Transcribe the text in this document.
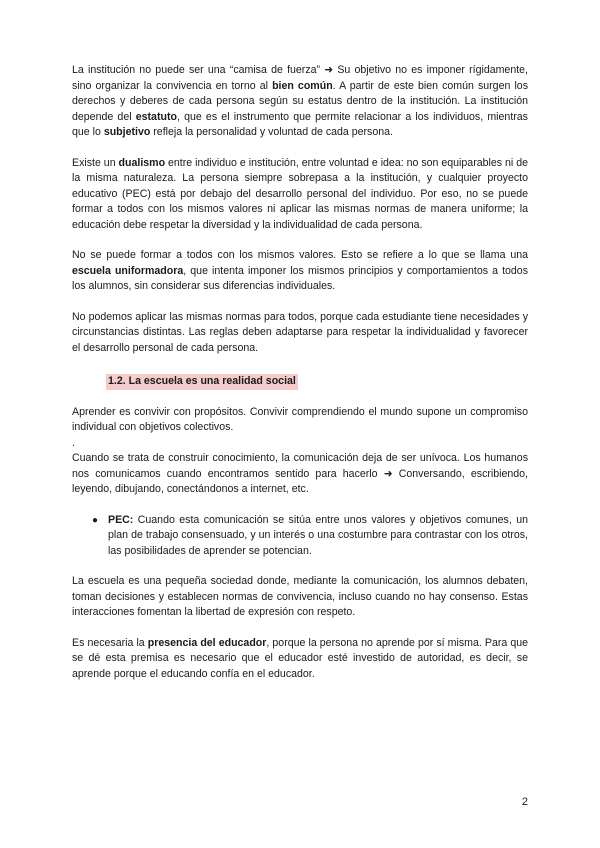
La institución no puede ser una “camisa de fuerza” ➜ Su objetivo no es imponer rígidamente, sino organizar la convivencia en torno al bien común. A partir de este bien común surgen los derechos y deberes de cada persona según su estatus dentro de la institución. La institución depende del estatuto, que es el instrumento que permite relacionar a los individuos, mientras que lo subjetivo refleja la personalidad y voluntad de cada persona.

Existe un dualismo entre individuo e institución, entre voluntad e idea: no son equiparables ni de la misma naturaleza. La persona siempre sobrepasa a la institución, y cualquier proyecto educativo (PEC) está por debajo del desarrollo personal del individuo. Por eso, no se puede formar a todos con los mismos valores ni aplicar las mismas normas de manera uniforme; la educación debe respetar la diversidad y la individualidad de cada persona.

No se puede formar a todos con los mismos valores. Esto se refiere a lo que se llama una escuela uniformadora, que intenta imponer los mismos principios y comportamientos a todos los alumnos, sin considerar sus diferencias individuales.

No podemos aplicar las mismas normas para todos, porque cada estudiante tiene necesidades y circunstancias distintas. Las reglas deben adaptarse para respetar la individualidad y favorecer el desarrollo personal de cada persona.

1.2. La escuela es una realidad social

Aprender es convivir con propósitos. Convivir comprendiendo el mundo supone un compromiso individual con objetivos colectivos.

.

Cuando se trata de construir conocimiento, la comunicación deja de ser unívoca. Los humanos nos comunicamos cuando encontramos sentido para hacerlo ➜ Conversando, escribiendo, leyendo, dibujando, conectándonos a internet, etc.

● PEC: Cuando esta comunicación se sitúa entre unos valores y objetivos comunes, un plan de trabajo consensuado, y un interés o una costumbre para contrastar con los otros, las posibilidades de aprender se potencian.

La escuela es una pequeña sociedad donde, mediante la comunicación, los alumnos debaten, toman decisiones y establecen normas de convivencia, incluso cuando no hay consenso. Estas interacciones fomentan la libertad de expresión con respeto.

Es necesaria la presencia del educador, porque la persona no aprende por sí misma. Para que se dé esta premisa es necesario que el educador esté investido de autoridad, es decir, se aprende porque el educando confía en el educador.

2
